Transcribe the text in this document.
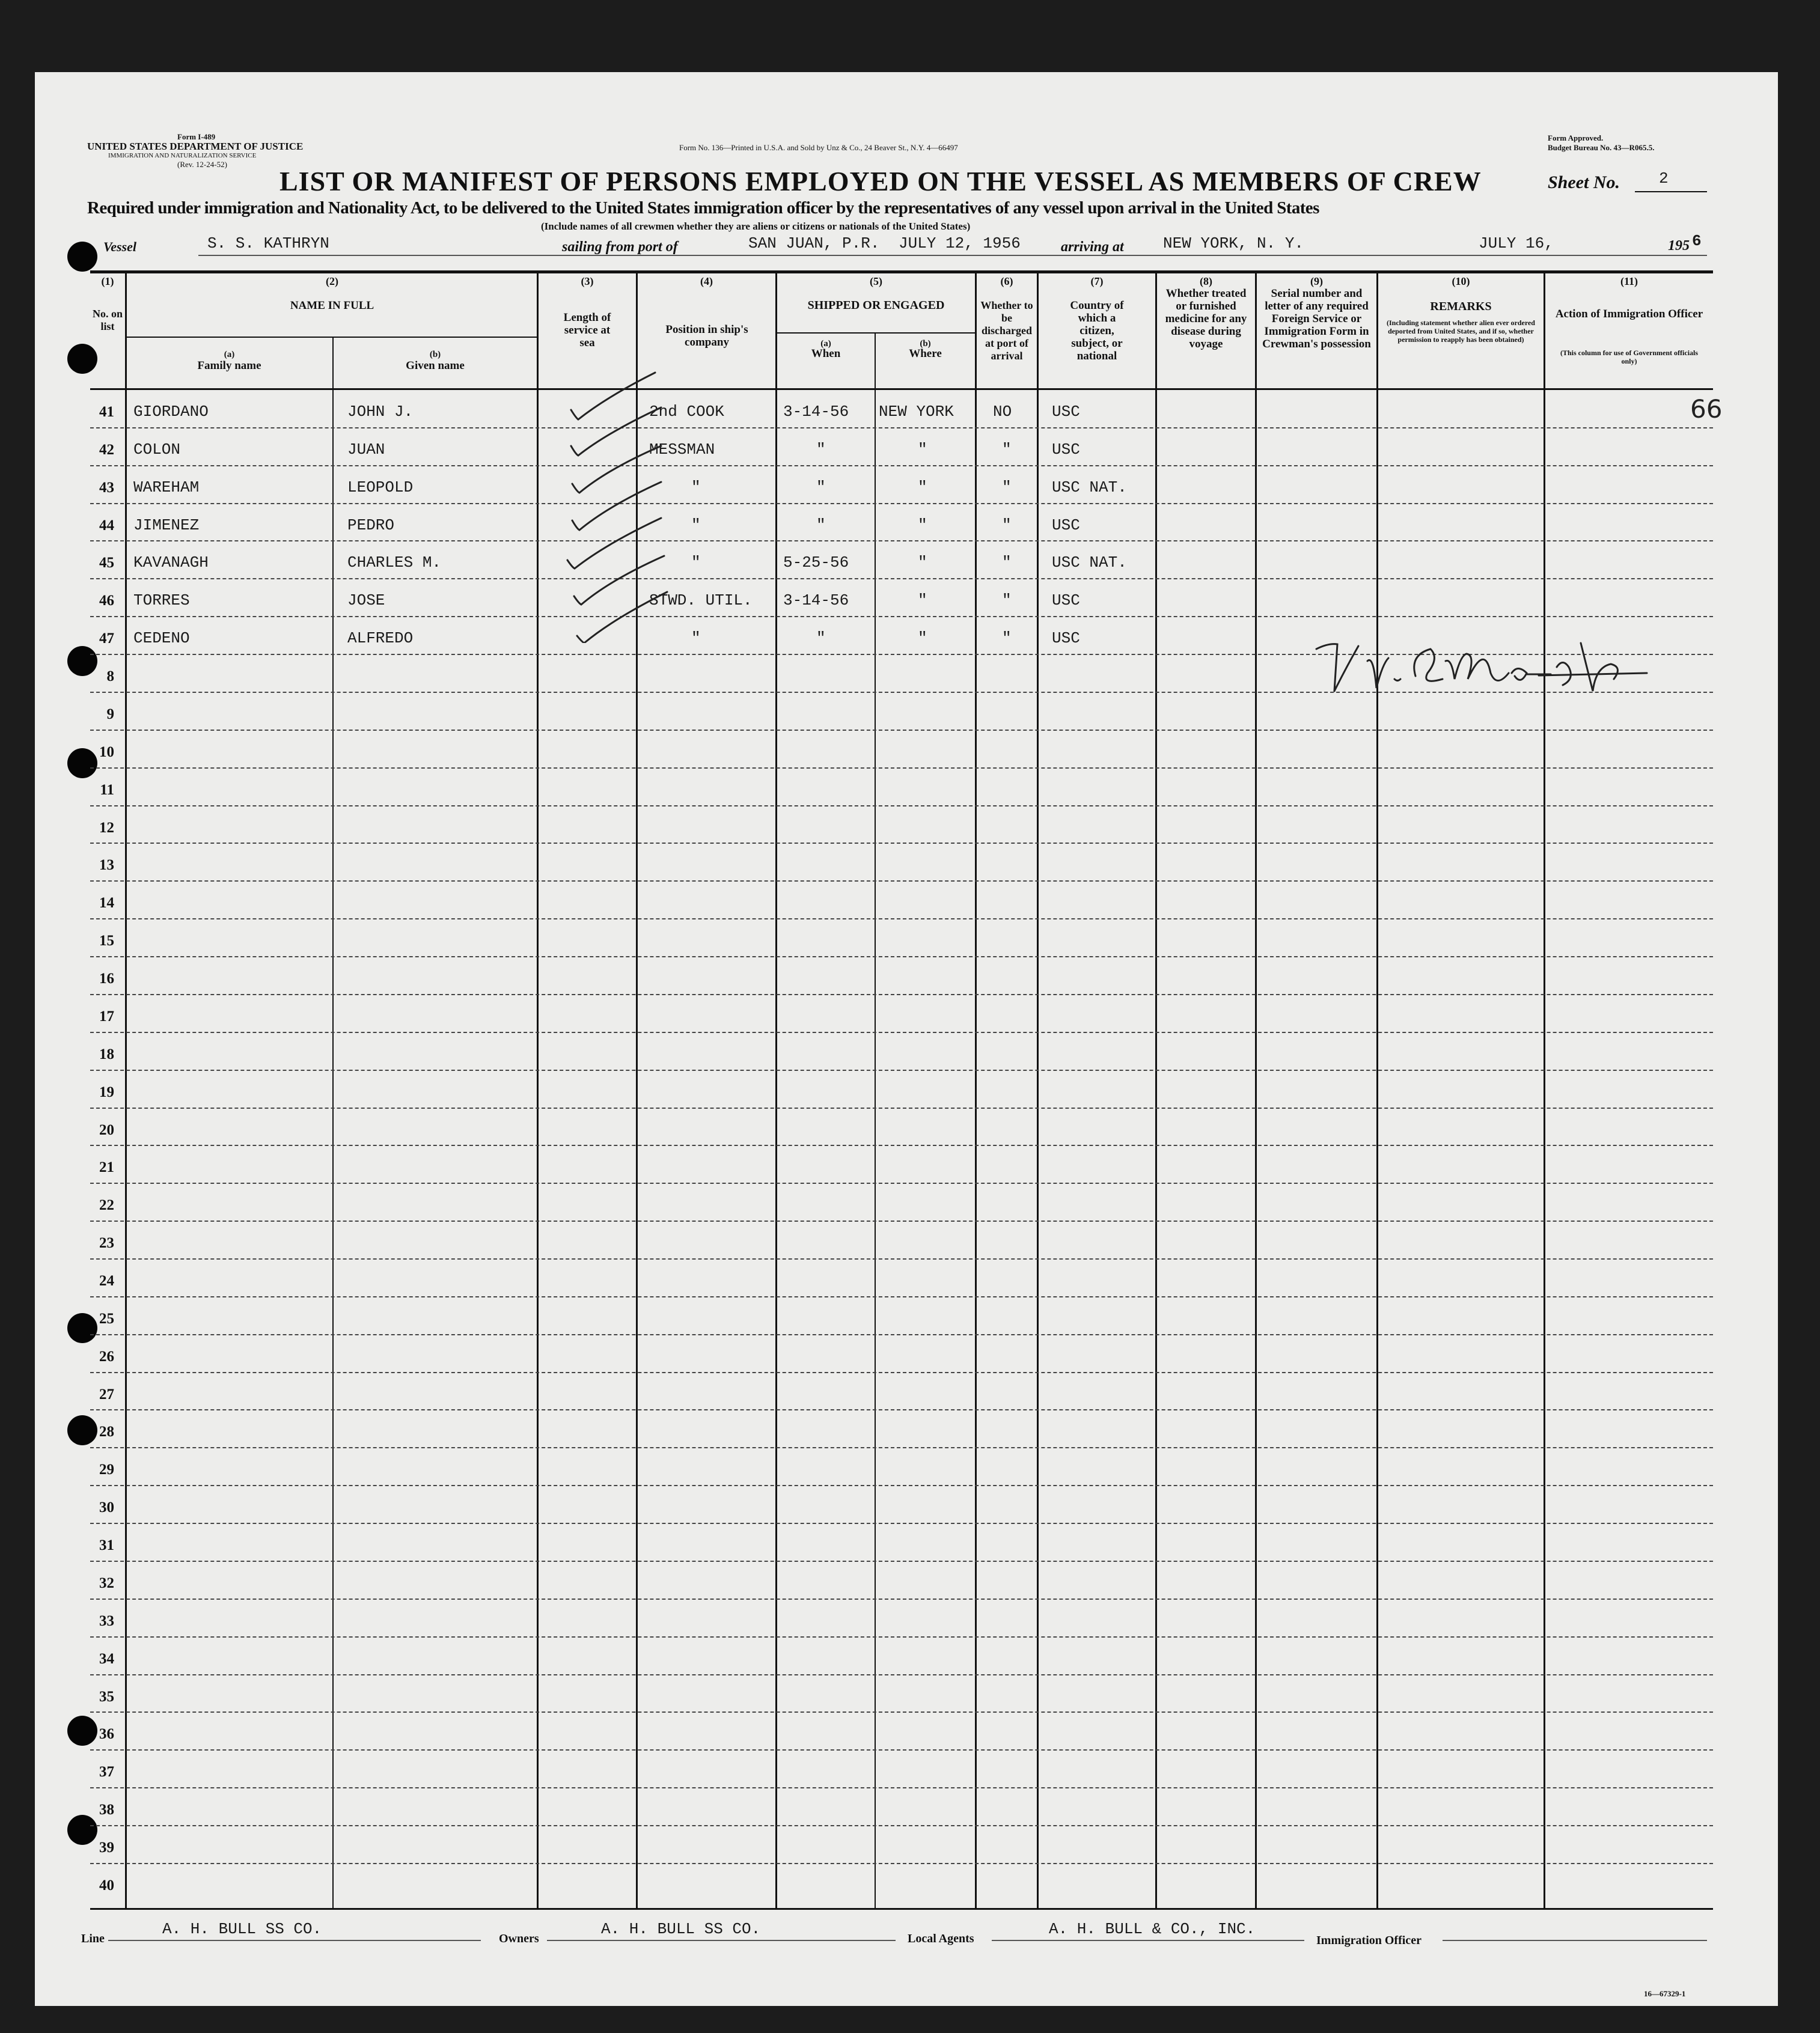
Form I-489
UNITED STATES DEPARTMENT OF JUSTICE
IMMIGRATION AND NATURALIZATION SERVICE
(Rev. 12-24-52)
Form No. 136—Printed in U.S.A. and Sold by Unz & Co., 24 Beaver St., N.Y. 4—66497
Form Approved.
Budget Bureau No. 43—R065.5.
LIST OR MANIFEST OF PERSONS EMPLOYED ON THE VESSEL AS MEMBERS OF CREW	Sheet No.	2
Required under immigration and Nationality Act, to be delivered to the United States immigration officer by the representatives of any vessel upon arrival in the United States
(Include names of all crewmen whether they are aliens or citizens or nationals of the United States)
Vessel	S. S. KATHRYN	sailing from port of	SAN JUAN, P.R. JULY 12, 1956	arriving at	NEW YORK, N. Y.	JULY 16,	195 6
(1)
No. on list
(2)
NAME IN FULL
(a)
Family name
(b)
Given name
(3)
Length of service at sea
(4)
Position in ship's company
(5)
SHIPPED OR ENGAGED
(a)
When
(b)
Where
(6)
Whether to be discharged at port of arrival
(7)
Country of which a citizen, subject, or national
(8)
Whether treated or furnished medicine for any disease during voyage
(9)
Serial number and letter of any required Foreign Service or Immigration Form in Crewman's possession
(10)
REMARKS
(Including statement whether alien ever ordered deported from United States, and if so, whether permission to reapply has been obtained)
(11)
Action of Immigration Officer
(This column for use of Government officials only)
41 GIORDANO	JOHN J.	2nd COOK	3-14-56 NEW YORK	NO	USC
42 COLON	JUAN	MESSMAN	"	"	"	USC
43 WAREHAM	LEOPOLD	"	"	"	"	USC NAT.
44 JIMENEZ	PEDRO	"	"	"	"	USC
45 KAVANAGH	CHARLES M.	"	5-25-56	"	"	USC NAT.
46 TORRES	JOSE	STWD. UTIL. 3-14-56	"	"	USC
47 CEDENO	ALFREDO	"	"	"	"	USC
8
9
10
11
12
13
14
15
16
17
18
19
20
21
22
23
24
25
26
27
28
29
30
31
32
33
34
35
36
37
38
39
40
66
Line
A. H. BULL SS CO.
Owners
A. H. BULL SS CO.
Local Agents
A. H. BULL & CO., INC.
Immigration Officer
16—67329-1
